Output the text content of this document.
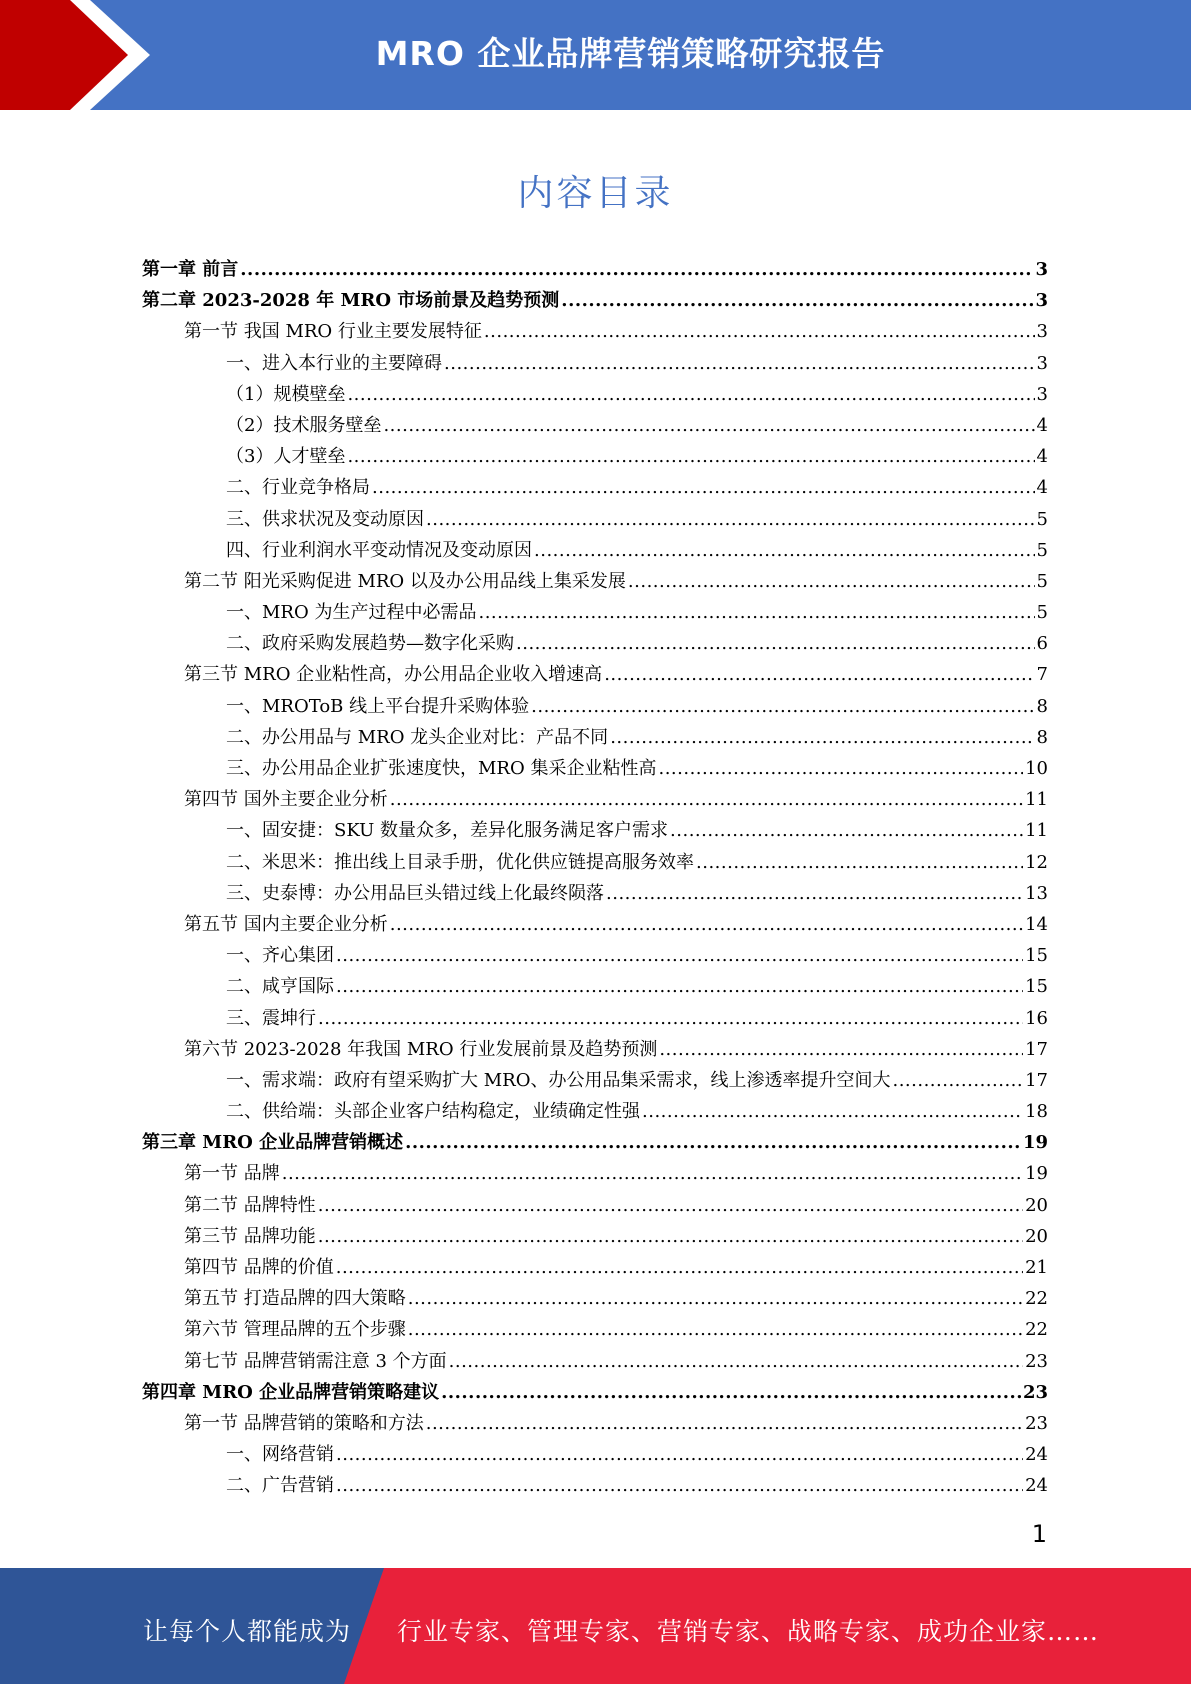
MRO 企业品牌营销策略研究报告
内容目录
第一章 前言 .....	3
第二章 2023-2028 年 MRO 市场前景及趋势预测 .....	3
第一节 我国 MRO 行业主要发展特征 .....	3
一、进入本行业的主要障碍 .....	3
（1）规模壁垒 .....	3
（2）技术服务壁垒 .....	4
（3）人才壁垒 .....	4
二、行业竞争格局 .....	4
三、供求状况及变动原因 .....	5
四、行业利润水平变动情况及变动原因 .....	5
第二节 阳光采购促进 MRO 以及办公用品线上集采发展 .....	5
一、MRO 为生产过程中必需品 .....	5
二、政府采购发展趋势—数字化采购 .....	6
第三节 MRO 企业粘性高，办公用品企业收入增速高 .....	7
一、MROToB 线上平台提升采购体验 .....	8
二、办公用品与 MRO 龙头企业对比：产品不同 .....	8
三、办公用品企业扩张速度快，MRO 集采企业粘性高 .....	10
第四节 国外主要企业分析 .....	11
一、固安捷：SKU 数量众多，差异化服务满足客户需求 .....	11
二、米思米：推出线上目录手册，优化供应链提高服务效率 .....	12
三、史泰博：办公用品巨头错过线上化最终陨落 .....	13
第五节 国内主要企业分析 .....	14
一、齐心集团 .....	15
二、咸亨国际 .....	15
三、震坤行 .....	16
第六节 2023-2028 年我国 MRO 行业发展前景及趋势预测 .....	17
一、需求端：政府有望采购扩大 MRO、办公用品集采需求，线上渗透率提升空间大 .....	17
二、供给端：头部企业客户结构稳定，业绩确定性强 .....	18
第三章 MRO 企业品牌营销概述 .....	19
第一节 品牌 .....	19
第二节 品牌特性 .....	20
第三节 品牌功能 .....	20
第四节 品牌的价值 .....	21
第五节 打造品牌的四大策略 .....	22
第六节 管理品牌的五个步骤 .....	22
第七节 品牌营销需注意 3 个方面 .....	23
第四章 MRO 企业品牌营销策略建议 .....	23
第一节 品牌营销的策略和方法 .....	23
一、网络营销 .....	24
二、广告营销 .....	24
1
让每个人都能成为 行业专家、管理专家、营销专家、战略专家、成功企业家……
